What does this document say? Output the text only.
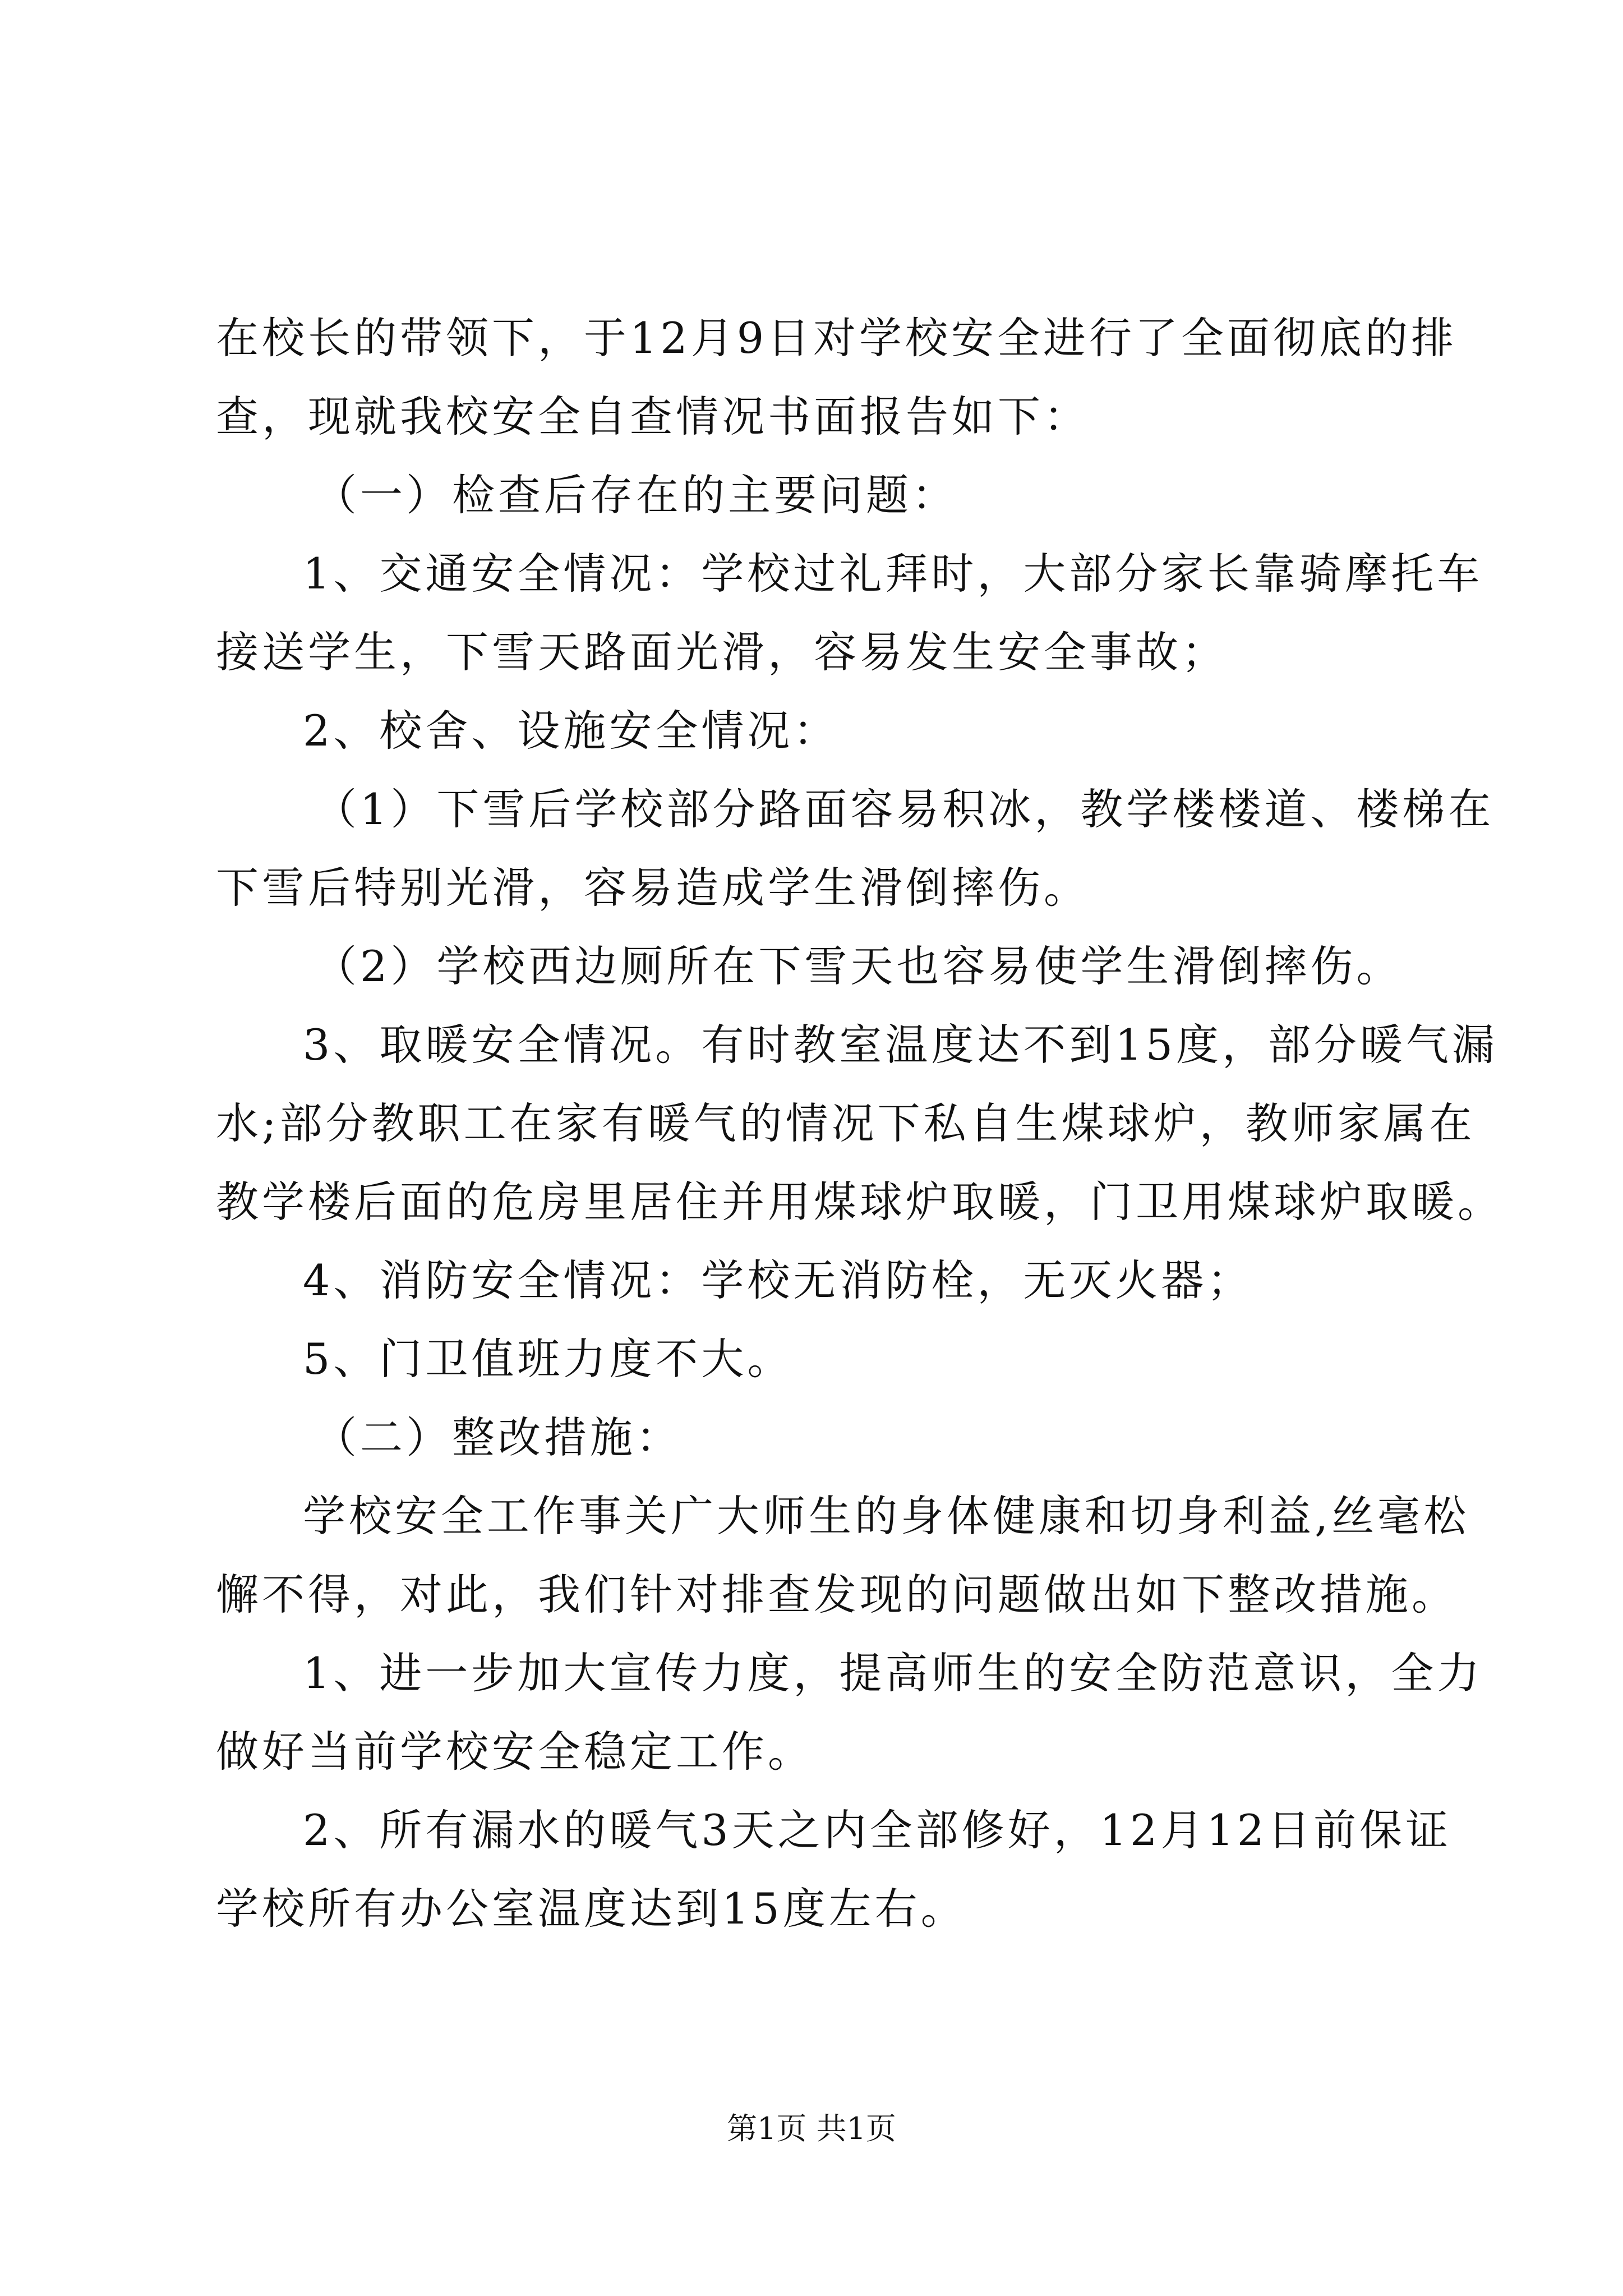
在校长的带领下，于12月9日对学校安全进行了全面彻底的排
查，现就我校安全自查情况书面报告如下：
（一）检查后存在的主要问题：
1、交通安全情况：学校过礼拜时，大部分家长靠骑摩托车
接送学生，下雪天路面光滑，容易发生安全事故；
2、校舍、设施安全情况：
（1）下雪后学校部分路面容易积冰，教学楼楼道、楼梯在
下雪后特别光滑，容易造成学生滑倒摔伤。
（2）学校西边厕所在下雪天也容易使学生滑倒摔伤。
3、取暖安全情况。有时教室温度达不到15度，部分暖气漏
水;部分教职工在家有暖气的情况下私自生煤球炉，教师家属在
教学楼后面的危房里居住并用煤球炉取暖，门卫用煤球炉取暖。
4、消防安全情况：学校无消防栓，无灭火器；
5、门卫值班力度不大。
（二）整改措施：
学校安全工作事关广大师生的身体健康和切身利益,丝毫松
懈不得，对此，我们针对排查发现的问题做出如下整改措施。
1、进一步加大宣传力度，提高师生的安全防范意识，全力
做好当前学校安全稳定工作。
2、所有漏水的暖气3天之内全部修好，12月12日前保证
学校所有办公室温度达到15度左右。
第1页 共1页
